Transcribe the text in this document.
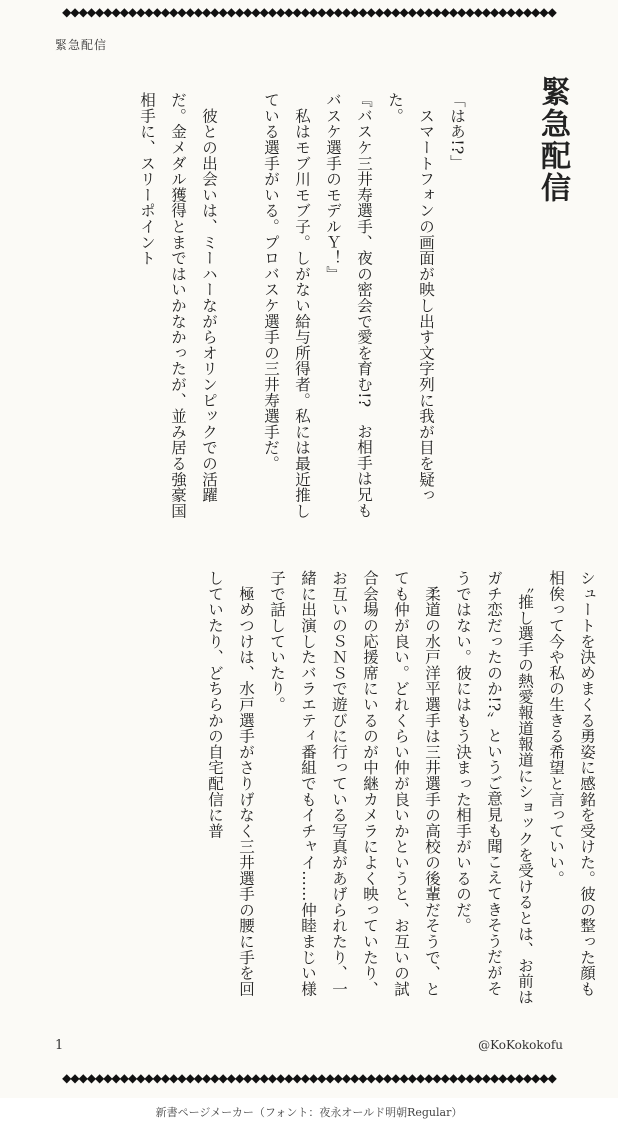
◆◆◆◆◆◆◆◆◆◆◆◆◆◆◆◆◆◆◆◆◆◆◆◆◆◆◆◆◆◆◆◆◆◆◆◆◆◆◆◆◆◆◆◆◆◆◆◆◆◆◆◆◆◆◆◆◆◆◆◆
緊急配信
緊急配信

「はあ!?」

　スマートフォンの画面が映し出す文字列に我が目を疑った。

『バスケ三井寿選手、夜の密会で愛を育む!?　お相手は兄もバスケ選手のモデルＹ！』

　私はモブ川モブ子。しがない給与所得者。私には最近推している選手がいる。プロバスケ選手の三井寿選手だ。

　彼との出会いは、ミーハーながらオリンピックでの活躍だ。金メダル獲得とまではいかなかったが、並み居る強豪国相手に、スリーポイント

シュートを決めまくる勇姿に感銘を受けた。彼の整った顔も相俟って今や私の生きる希望と言っていい。

　〝推し選手の熱愛報道報道にショックを受けるとは、お前はガチ恋だったのか!?〟というご意見も聞こえてきそうだがそうではない。彼にはもう決まった相手がいるのだ。

　柔道の水戸洋平選手は三井選手の高校の後輩だそうで、とても仲が良い。どれくらい仲が良いかというと、お互いの試合会場の応援席にいるのが中継カメラによく映っていたり、お互いのＳＮＳで遊びに行っている写真があげられたり、一緒に出演したバラエティ番組でもイチャイ……仲睦まじい様子で話していたり。

　極めつけは、水戸選手がさりげなく三井選手の腰に手を回していたり、どちらかの自宅配信に普

1	@KoKokokofu
◆◆◆◆◆◆◆◆◆◆◆◆◆◆◆◆◆◆◆◆◆◆◆◆◆◆◆◆◆◆◆◆◆◆◆◆◆◆◆◆◆◆◆◆◆◆◆◆◆◆◆◆◆◆◆◆◆◆◆◆
新書ページメーカー（フォント：夜永オールド明朝Regular）
